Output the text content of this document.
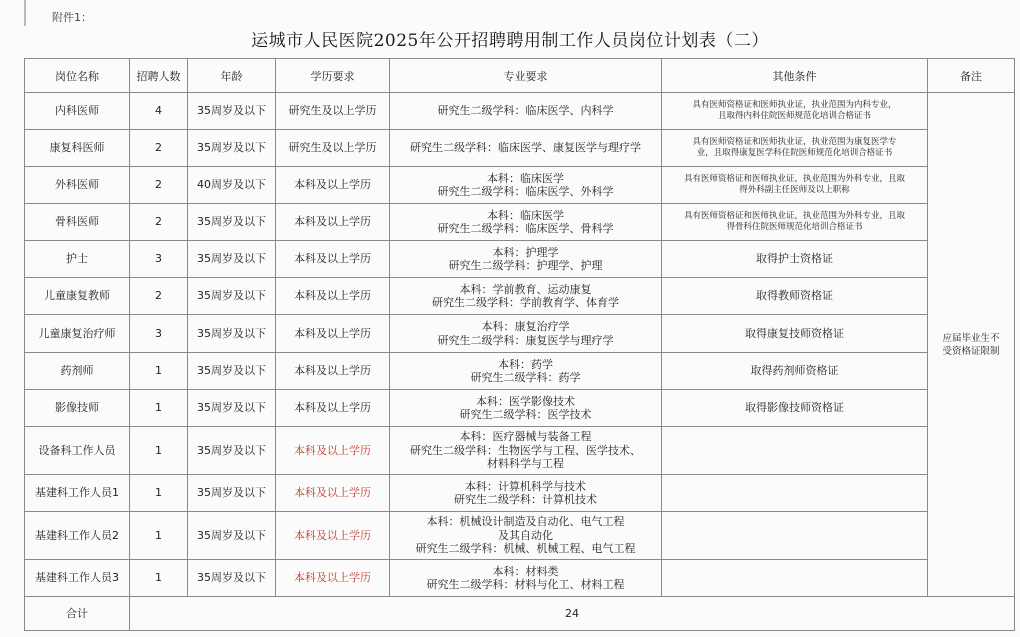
附件1：
运城市人民医院2025年公开招聘聘用制工作人员岗位计划表（二）
岗位名称	招聘人数	年龄	学历要求	专业要求	其他条件	备注
内科医师	4	35周岁及以下	研究生及以上学历	研究生二级学科：临床医学、内科学	具有医师资格证和医师执业证，执业范围为内科专业，
且取得内科住院医师规范化培训合格证书	应届毕业生不
受资格证限制

康复科医师	2	35周岁及以下	研究生及以上学历	研究生二级学科：临床医学、康复医学与理疗学	具有医师资格证和医师执业证，执业范围为康复医学专
业，且取得康复医学科住院医师规范化培训合格证书	

外科医师	2	40周岁及以下	本科及以上学历	本科：临床医学
研究生二级学科：临床医学、外科学	具有医师资格证和医师执业证，执业范围为外科专业，且取
得外科副主任医师及以上职称	

骨科医师	2	35周岁及以下	本科及以上学历	本科：临床医学
研究生二级学科：临床医学、骨科学	具有医师资格证和医师执业证，执业范围为外科专业，且取
得骨科住院医师规范化培训合格证书	

护士	3	35周岁及以下	本科及以上学历	本科：护理学
研究生二级学科：护理学、护理	取得护士资格证	

儿童康复教师	2	35周岁及以下	本科及以上学历	本科：学前教育、运动康复
研究生二级学科：学前教育学、体育学	取得教师资格证	

儿童康复治疗师	3	35周岁及以下	本科及以上学历	本科：康复治疗学
研究生二级学科：康复医学与理疗学	取得康复技师资格证	

药剂师	1	35周岁及以下	本科及以上学历	本科：药学
研究生二级学科：药学	取得药剂师资格证	

影像技师	1	35周岁及以下	本科及以上学历	本科：医学影像技术
研究生二级学科：医学技术	取得影像技师资格证	

设备科工作人员	1	35周岁及以下	本科及以上学历	本科：医疗器械与装备工程
研究生二级学科：生物医学与工程、医学技术、
材料科学与工程		

基建科工作人员1	1	35周岁及以下	本科及以上学历	本科：计算机科学与技术
研究生二级学科：计算机技术		

基建科工作人员2	1	35周岁及以下	本科及以上学历	本科：机械设计制造及自动化、电气工程
及其自动化
研究生二级学科：机械、机械工程、电气工程		

基建科工作人员3	1	35周岁及以下	本科及以上学历	本科：材料类
研究生二级学科：材料与化工、材料工程		

合计	24					
